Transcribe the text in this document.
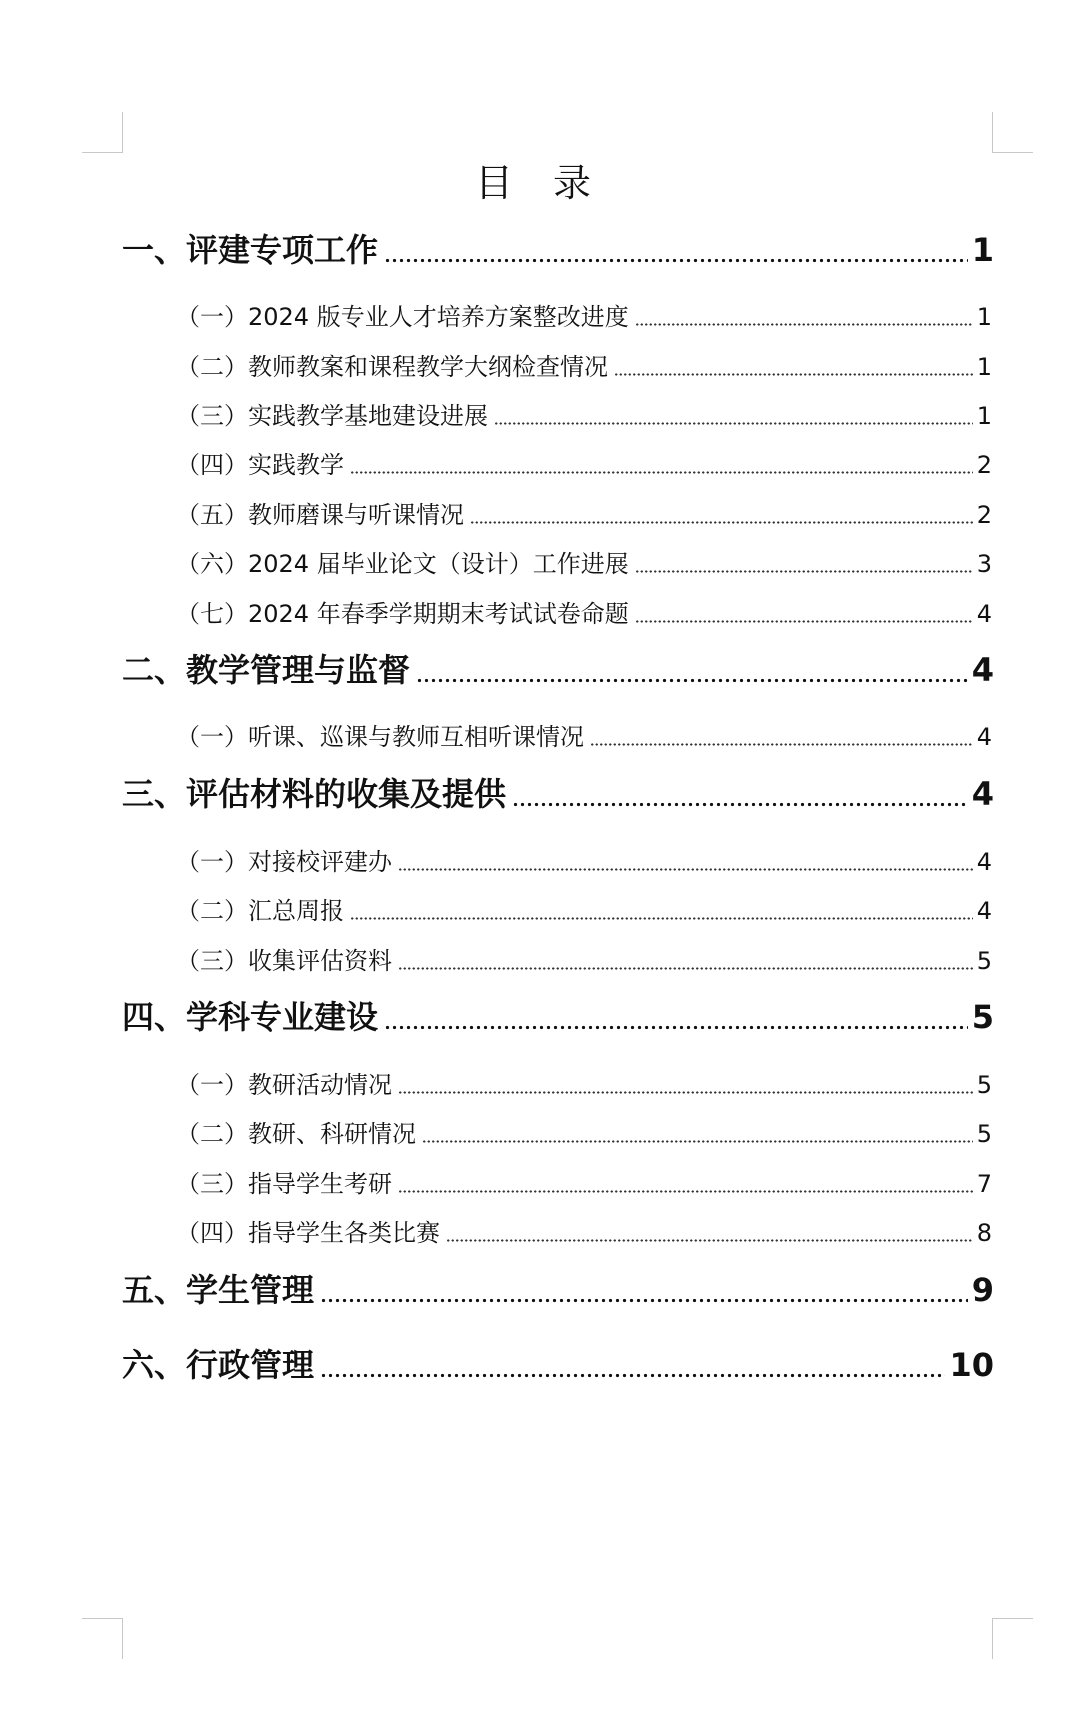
目 录
一、评建专项工作	1
（一）2024 版专业人才培养方案整改进度	1
（二）教师教案和课程教学大纲检查情况	1
（三）实践教学基地建设进展	1
（四）实践教学	2
（五）教师磨课与听课情况	2
（六）2024 届毕业论文（设计）工作进展	3
（七）2024 年春季学期期末考试试卷命题	4
二、教学管理与监督	4
（一）听课、巡课与教师互相听课情况	4
三、评估材料的收集及提供	4
（一）对接校评建办	4
（二）汇总周报	4
（三）收集评估资料	5
四、学科专业建设	5
（一）教研活动情况	5
（二）教研、科研情况	5
（三）指导学生考研	7
（四）指导学生各类比赛	8
五、学生管理	9
六、行政管理	10
